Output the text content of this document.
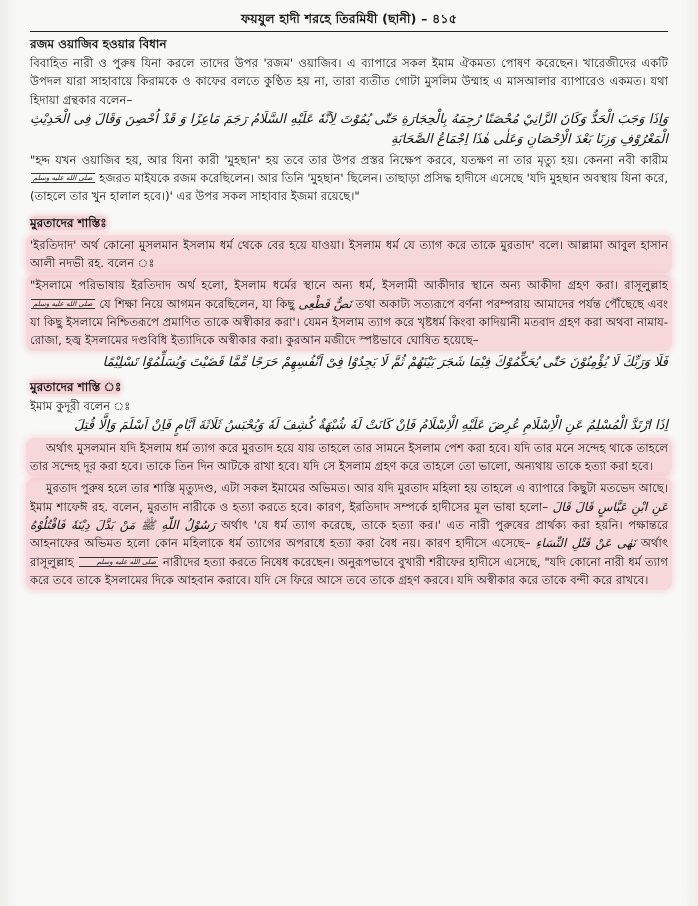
ফয়যুল হাদী শরহে তিরমিযী (ছানী) – ৪১৫
রজম ওয়াজিব হওয়ার বিধান

বিবাহিত নারী ও পুরুষ যিনা করলে তাদের উপর 'রজম' ওয়াজিব। এ ব্যাপারে সকল ইমাম ঐকমত্য পোষণ করেছেন। খারেজীদের একটি উপদল যারা সাহাবায়ে কিরামকে ও কাফের বলতে কুণ্ঠিত হয় না, তারা ব্যতীত গোটা মুসলিম উম্মাহ এ মাসআলার ব্যাপারেও একমত। যথা হিদায়া গ্রন্থকার বলেন–

وَاِذَا وَجَبَ الْحَدُّ وَكَانَ الزَّانِيْ مُحْصَنًا رُجِمَهُ بِالْحِجَارَةِ حَتّٰى يُمُوْتَ لِاَنَّهٗ عَلَيْهِ السَّلَامُ رَجَمَ مَاعِزًا وَ قَدْ اُحْصِنَ وَقَالَ فِى الْحَدِيْثِ الْمَعْرُوْفِ وَزِنَا بَعْدَ الْاِحْصَانِ وَعَلٰى هٰذَا اِجْمَاعُ الصَّحَابَةِ

"হদ্দ যখন ওয়াজিব হয়, আর যিনা কারী 'মুহছান' হয় তবে তার উপর প্রস্তর নিক্ষেপ করবে, যতক্ষণ না তার মৃত্যু হয়। কেননা নবী কারীম صلى الله عليه وسلم হজরত মাইযকে রজম করেছিলেন। আর তিনি 'মুহছান' ছিলেন। তাছাড়া প্রসিদ্ধ হাদীসে এসেছে 'যদি মুহছান অবস্থায় যিনা করে, (তাহলে তার খুন হালাল হবে।)' এর উপর সকল সাহাবার ইজমা রয়েছে।"

মুরতাদের শাস্তিঃ

'ইরতিদাদ' অর্থ কোনো মুসলমান ইসলাম ধর্ম থেকে বের হয়ে যাওয়া। ইসলাম ধর্ম যে ত্যাগ করে তাকে মুরতাদ' বলে। আল্লামা আবুল হাসান আলী নদভী রহ. বলেন ঃ

"ইসলামে পরিভাষায় ইরতিদাদ অর্থ হলো, ইসলাম ধর্মের স্থানে অন্য ধর্ম, ইসলামী আকীদার স্থানে অন্য আকীদা গ্রহণ করা। রাসূলুল্লাহ صلى الله عليه وسلم যে শিক্ষা নিয়ে আগমন করেছিলেন, যা কিছু نَصٌّ قَطْعِى তথা অকাট্য সত্যরূপে বর্ণনা পরম্পরায় আমাদের পর্যন্ত পৌঁছেছে এবং যা কিছু ইসলামে নিশ্চিতরূপে প্রমাণিত তাকে অস্বীকার করা'। যেমন ইসলাম ত্যাগ করে খৃষ্টধর্ম কিংবা কাদিয়ানী মতবাদ গ্রহণ করা অথবা নামায-রোজা, হজ্ব ইসলামের দণ্ডবিধি ইত্যাদিকে অস্বীকার করা। কুরআন মজীদে স্পষ্টভাবে ঘোষিত হয়েছে–

فَلَا وَرَبِّكَ لَا يُؤْمِنُوْنَ حَتّٰى يُحَكِّمُوْكَ فِيْمَا شَجَرَ بَيْنَهُمْ ثُمَّ لَا يَجِدُوْا فِىْ اَنْفُسِهِمْ حَرَجًا مِّمَّا قَضَيْتَ وَيُسَلِّمُوْا تَسْلِيْمًا
মুরতাদের শাস্তি ঃ

ইমাম কুদূরী বলেন ঃ

اِذَا ارْتَدَّ الْمُسْلِمُ عَنِ الْاِسْلَامِ عُرِضَ عَلَيْهِ الْاِسْلَامُ فَاِنْ كَانَتْ لَهٗ شُبْهَةٌ كُشِفَ لَهٗ وَيُحْبَسُ ثَلَاثَةَ اَيَّامٍ فَاِنْ اَسْلَمَ وَاِلَّا قُتِلَ

অর্থাৎ মুসলমান যদি ইসলাম ধর্ম ত্যাগ করে মুরতাদ হয়ে যায় তাহলে তার সামনে ইসলাম পেশ করা হবে। যদি তার মনে সন্দেহ থাকে তাহলে তার সন্দেহ দূর করা হবে। তাকে তিন দিন আটকে রাখা হবে। যদি সে ইসলাম গ্রহণ করে তাহলে তো ভালো, অন্যথায় তাকে হত্যা করা হবে।

মুরতাদ পুরুষ হলে তার শাস্তি মৃত্যুদণ্ড, এটা সকল ইমামের অভিমত। আর যদি মুরতাদ মহিলা হয় তাহলে এ ব্যাপারে কিছুটা মতভেদ আছে। ইমাম শাফেঈ রহ. বলেন, মুরতাদ নারীকে ও হত্যা করতে হবে। কারণ, ইরতিদাদ সম্পর্কে হাদীসের মূল ভাষা হলো– عَنِ ابْنِ عَبَّاسٍ قَالَ قَالَ رَسُوْلُ اللّٰهِ ﷺ مَنْ بَدَّلَ دِيْنَهٗ فَاقْتُلُوْهُ অর্থাৎ 'যে ধর্ম ত্যাগ করেছে, তাকে হত্যা কর।' এত নারী পুরুষের প্রার্থক্য করা হয়নি। পক্ষান্তরে আহনাফের অভিমত হলো কোন মহিলাকে ধর্ম ত্যাগের অপরাধে হত্যা করা বৈধ নয়। কারণ হাদীসে এসেছে– نَهٰى عَنْ قَتْلِ النِّسَاءِ অর্থাৎ রাসূলুল্লাহ	صلى الله عليه وسلم নারীদের হত্যা করতে নিষেধ করেছেন। অনুরূপভাবে বুখারী শরীফের হাদীসে এসেছে, "যদি কোনো নারী ধর্ম ত্যাগ করে তবে তাকে ইসলামের দিকে আহবান করাবে। যদি সে ফিরে আসে তবে তাকে গ্রহণ করবে। যদি অস্বীকার করে তাকে বন্দী করে রাখবে।
